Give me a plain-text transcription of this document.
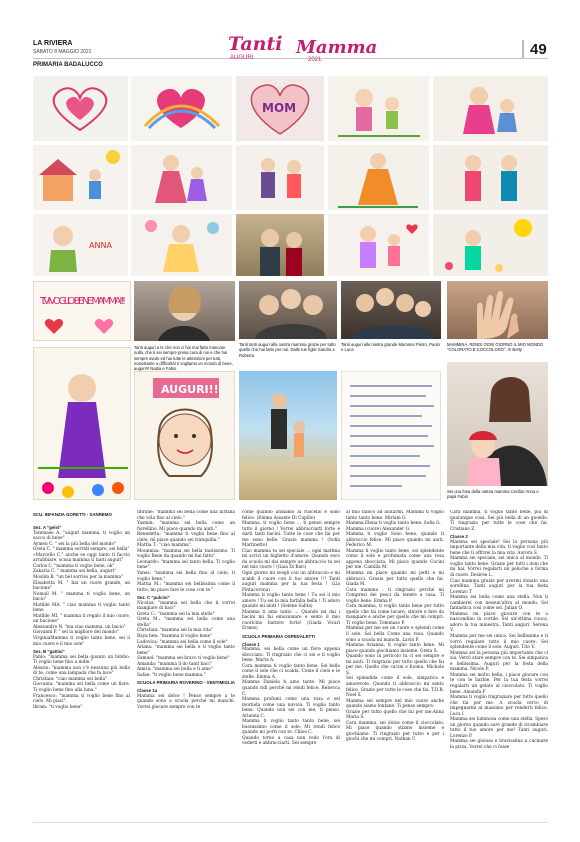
LA RIVIERA
SABATO 8 MAGGIO 2021
PRIMARIA BADALUCCO
Tanti
AUGURI Mamma
2021
49
MOM
ANNA
T.VI VOGLIO BENE MAMMA!!!
Tanti auguri a te che non ci hai mai fatto mancare nulla, che ti sei sempre presa cura di noi e che hai sempre avuto ed hai tutte le attenzioni per tutti, nonostante a difficoltà! ti vogliamo un mondo di bene, auguri!!! Nadia e Fabio
Tanti tanti auguri alla nostra mamma grazie per tutto quello che hai fatto per noi. Dalle tue figlie Sandra e Roberta
Tanti auguri alla nostra grande Mamma! Pietro, Paolo e Luca
MAMMINA ,RENDI OGNI GIORNO IL MIO MONDO "COLORATO E COCCOLOSO"..!!! Betty
AUGURI!!
Sei una fosa della natura mamma Cecilia! Anna e papà Fabio

SCU. INFANZIA GORETTI - SANREMO

Sez. A "gelsi"

Tommaso A. "auguri mamma, ti voglio un sacco di bene"

Aymen C. " sei la più bella del mondo"

Greta C. " mamma sorridi sempre, sei bella"

«Marcello C." anche se oggi tanto ti faccio arrabbiare, scusa mamma ti tanti auguri"

Carlos C. "mamma ti voglio bene, ok"

Zakaria C. " mamma sei bella, auguri"

Moslim B. "un bel sorriso per la mamma"

Elisabetta M. " hai un cuore grande, un bacione"

Nomail M. " mamma ti voglio bene, un bacio"

Matilde MA. " ciao mamma ti voglio tanto bene

Matilde MI. " mamma ti regalo il mio cuore, un bacione"

Alessandro N. "ma ciao mamma, un bacio"

Giovanni P. " sei la migliore del mondo"

VirginiaMamma ti voglio tanto bene, sei il mio cuore e il mio sole"

Sez. B "gattini"

Pablo: "mamma sei bella quanto un bimbo. Ti voglio bene fino a mille."

Alessio: "mamma non c'è nessuna più bella di te, come una lampada che fa luce"

Christian: "ciao mamma sei bella"

Giovanni: "mamma sei bella come un fiore. Ti voglio bene fino alla luna."

Francesco: "mamma ti voglio bene fino al cielo. Mi piaci".

Ikram: "ti voglio bene"

Imrane: "mamma sei bella come una farfalla che vola fino al cielo."

Yasmin: "mamma sei bella come un fiorellino. Mi piace quando mi aiuti."

Benedetta: "mamma ti voglio bene fino al cielo; mi piace quando sei tranquilla."

Mattia T.: "ciao mamma".

Mounnisa: "mamma sei bella tantissimo. Ti voglio Bene da quando mi hai fatto"

Leonardo: "mamma sei tanto bella. Ti voglio bene".

Yanez: "mamma sei bella fino al cielo, ti voglio bene."

Mattia M.: "mamma sei bellissima come il tutto; mi piace fare le cose con te."

Sez. C "pulcini"

Nicolas: "mamma sei bella che ti vorrei mangiare di baci"

Greta C.: "mamma sei la mia stella"

Greta M.: "mamma sei bella come una stella"

Christian: "mamma sei la mia vita"

Baya ben: "mamma ti voglio bene"

Ludovica: "mamma sei bella come il sole"

Aitana: "mamma sei bella e ti voglio tanto bene"

Samuel: "mamma sei bravo ti voglio bene"

Amanda: "mamma il do tanti baci"

Amira: "mamma sei bella e ti amo"

Safae: "ti voglio bene mamma."

SCUOLA PRIMARIA ROVERINO - VENTIMIGLIA

Classe 1a

Mamma sei dolce ! Penso sempre a te quando sono a scuola perché mi manchi. Vorrei giocare sempre con te

come quando andiamo al ruscello e sono felice. (Emma Assante Di Cupillo)

Mamma, ti voglio bene ... ti penso sempre tutto il giorno ! Vorrei abbracciarti forte e darti tanti bacini. Tutte le cose che fai per me sono belle. Grazie mamma ! (Sofia Martinetto)

Ciao mamma tu sei speciale ... ogni mattina mi scrivi un biglietto d'amore. Quando esco da scuola mi dai sempre un abbraccio tu sei nel mio cuore ! (Gaia Di Bari)

Ogni giorno mi svegli con un abbraccio e mi scaldi il cuore con il tuo amore !!! Tanti auguri mamma per la tua festa ! (Lia Pintacorona)

Mamma ti voglio tanto bene ! Tu sei il mio amore ! Tu sei la mia farfalla bella ! Ti adoro quando mi aiuti ! (Selene Salita)

Mamma ti amo tanto ... Quando mi dai i bacini mi fai emozionare e sento il mio cuoricino battere forte! (Giada Vicari Ermes)

SCUOLA PRIMARIA OSPEDALETTI

Classe 1

Mamma, sei bella come un fiore appena sbocciato. Ti ringrazio che ci sei e ti voglio bene. Marta A.

Cara mamma ti voglio tanto bene. Sei bella come il sole che ci scalda. Come il cielo e le stelle. Emma A.

Mamma Daniela ti amo tanto. Mi piace quando ridi perché mi rendi felice. Rebecca C.

Mamma profumi come una rosa e sei morbida come una nuvola. Ti voglio tanto bene. Quando non sei con me, ti penso. Arianna C.

Mamma ti voglio tanto tanto bene, sei buonissimo come il sole. Mi rendi felice quando mi porti con te. Chloe C.

Quando torno a casa non vedo l'ora di vederti e abbracciarti. Sei sempre

al mio fianco ad aiutarmi. Mamma ti voglio tanto tanto bene. Miriam G.

Mamma Elena ti voglio tanto bene. Sofia G.

Mamma (cuore) Alexander G.

Mamma ti voglio Sono bene, quando ti abbraccio felice. Mi piace quando mi aiuti. Federico M.

Mamma ti voglio tanto bene, sei splendente come il sole e profumata come una rosa appena sbocciata. Mi piace quando Cucini per me. Camilla M.

Mamma mi piace quando mi petti e mi abbracci. Grazie per tutto quello che fai. Giada M.

Cara mamma . ti ringrazio perché mi Compresi dei pesci da tenere a casa. Ti voglio bene. Emma P.

Cara mamma, ti voglio tanto bene per tutto quello che fai come lavare, stirare e fare da mangiare e anche per quello che mi compri. Ti voglio bene. Tommaso P.

Mamma per me sei un cuore e splendi come il sole. Sei bella Come una rosa. Quando sono a scuola mi manchi. Lavin P.

Mamma Arianna, ti voglio tanto bene. Mi piace quando giochiamo insieme. Greta S.

Quando sono in pericolo tu ci sei sempre e mi aiuti. Ti ringrazio per tutto quello che fai per me. Quello che cucini e fuomu. Michole S.

Sei splendida come il sole, simpatica e amorevole. Quando ti abbraccio mi sento felice. Grazie per tutte le cose che fai. T.D.R. Noel S.

Mamma sei sempre nel mio cuore anche quando siamo lontane. Ti penso sempre.

Grazie per tutto quello che fai per me.Anna Maria S.

Cara mamma, sei dolce come il cioccolato. Mi piace quando stiamo insieme e giochiamo. Ti ringrazio per tutto e per i giochi che mi compri. Nathan U.

Cara mamma, ti voglio tanto bene, più di qualunque cosa. Sei più bella di un gioiello. Ti ringrazio per tutte le cose che fai. Cristiano Z.

Classe 2

Mamma sei speciale! Sei la persona più importante della mia vita, ti voglio così tanto bene che ti offrirei la mia vita. Aurora S

Mamma sei speciale, sei unica al mondo. Ti voglio tanto bene. Grazie per tutti i doni che mi hai. Vorrei regalarti un peluche a forma di cuore. Desiree L.

Ciao mamma grazie per avermi donato una sorellina. Tanti auguri per la tua festa Lorenzo T

Mamma sei bella come una stella. Non ti cambierei con nessun'altra al mondo. Sei fantastica così come sei. Julian O.

Mamma mi piace giocare con te a nascondino in cortile. Sei un'ottima cuoca, adoro la tua minestra. Tanti auguri. Serena V.

Mamma per me sei unica. Sei bellissima e ti vorrò regalare tutto il mio cuore. Sei splendente come il sole. Auguri. Tito V.

Mamma sei la persona più importante che ci sia. Verrò stare sempre con te. Sei simpatica e bellissima. Auguri per la festa della mamma. Nicole P.

Mamma sei molto bella, i piace giocare con te con le barbie. Per la tua festa vorrei regalarti un gelato al cioccolato. Ti voglio bene. Amanda F

Mamma ti voglio ringraziare per tutto quello che fai per me. A scuola cerco di impegnarmi al massimo per renderti felice. Luca I

Mamma sei luminosa come una stella. Spero un giorno quando sarò grande di ricambiare tutto il tuo amore per me! Tanti auguri. Lorenzo P.

Mamma sei gioiosa e bravissima a cucinare la pizza. Vorrei che ci fosse
